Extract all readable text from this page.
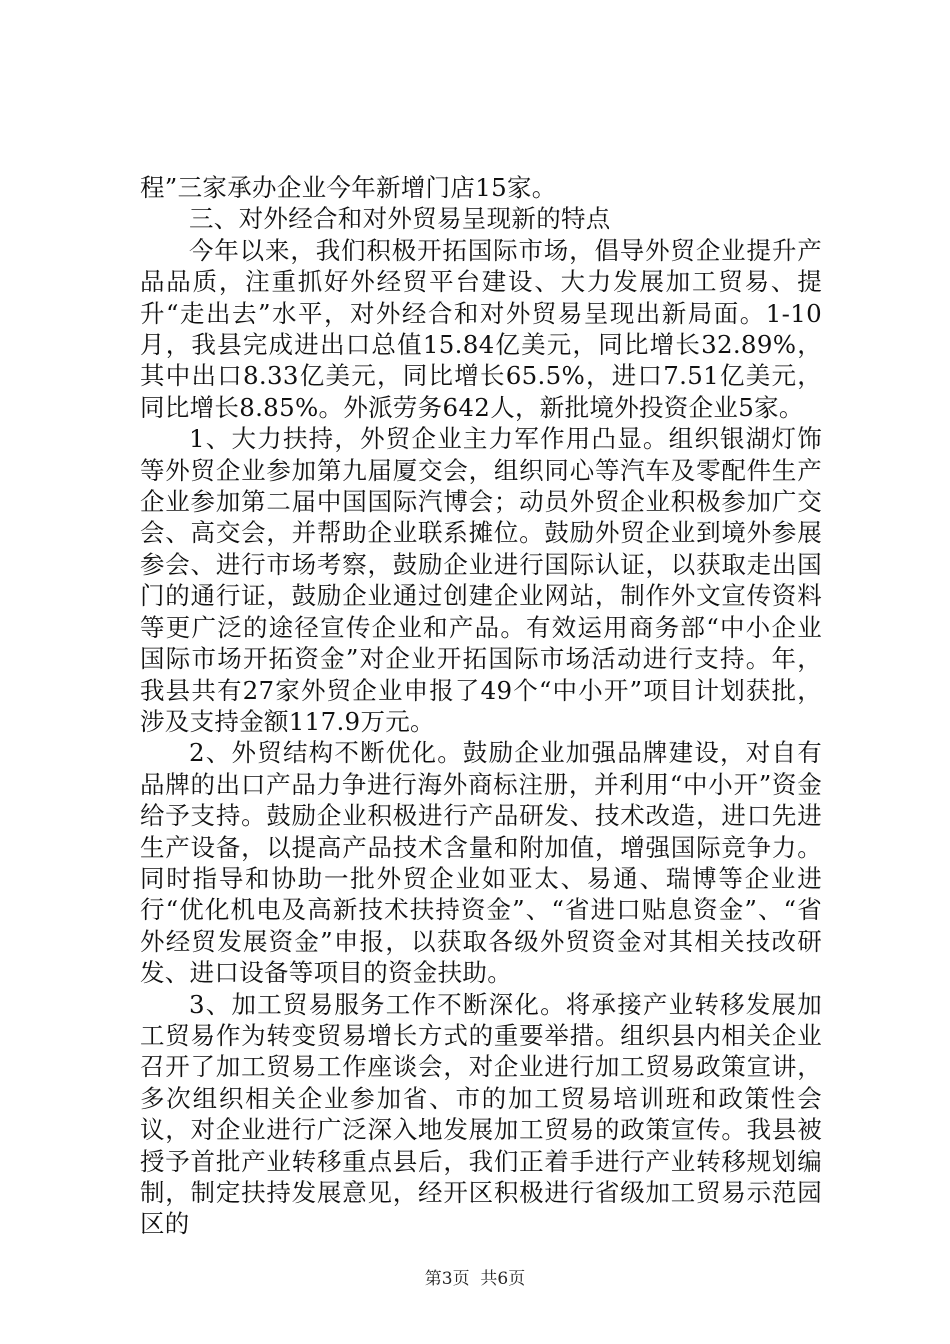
程”三家承办企业今年新增门店15家。

三、对外经合和对外贸易呈现新的特点

今年以来，我们积极开拓国际市场，倡导外贸企业提升产品品质，注重抓好外经贸平台建设、大力发展加工贸易、提升“走出去”水平，对外经合和对外贸易呈现出新局面。1-10月，我县完成进出口总值15.84亿美元，同比增长32.89%，其中出口8.33亿美元，同比增长65.5%，进口7.51亿美元，同比增长8.85%。外派劳务642人，新批境外投资企业5家。

1、大力扶持，外贸企业主力军作用凸显。组织银湖灯饰等外贸企业参加第九届厦交会，组织同心等汽车及零配件生产企业参加第二届中国国际汽博会；动员外贸企业积极参加广交会、高交会，并帮助企业联系摊位。鼓励外贸企业到境外参展参会、进行市场考察，鼓励企业进行国际认证，以获取走出国门的通行证，鼓励企业通过创建企业网站，制作外文宣传资料等更广泛的途径宣传企业和产品。有效运用商务部“中小企业国际市场开拓资金”对企业开拓国际市场活动进行支持。年，我县共有27家外贸企业申报了49个“中小开”项目计划获批，涉及支持金额117.9万元。

2、外贸结构不断优化。鼓励企业加强品牌建设，对自有品牌的出口产品力争进行海外商标注册，并利用“中小开”资金给予支持。鼓励企业积极进行产品研发、技术改造，进口先进生产设备，以提高产品技术含量和附加值，增强国际竞争力。同时指导和协助一批外贸企业如亚太、易通、瑞博等企业进行“优化机电及高新技术扶持资金”、“省进口贴息资金”、“省外经贸发展资金”申报，以获取各级外贸资金对其相关技改研发、进口设备等项目的资金扶助。

3、加工贸易服务工作不断深化。将承接产业转移发展加工贸易作为转变贸易增长方式的重要举措。组织县内相关企业召开了加工贸易工作座谈会，对企业进行加工贸易政策宣讲，多次组织相关企业参加省、市的加工贸易培训班和政策性会议，对企业进行广泛深入地发展加工贸易的政策宣传。我县被授予首批产业转移重点县后，我们正着手进行产业转移规划编制，制定扶持发展意见，经开区积极进行省级加工贸易示范园区的

第3页  共6页
